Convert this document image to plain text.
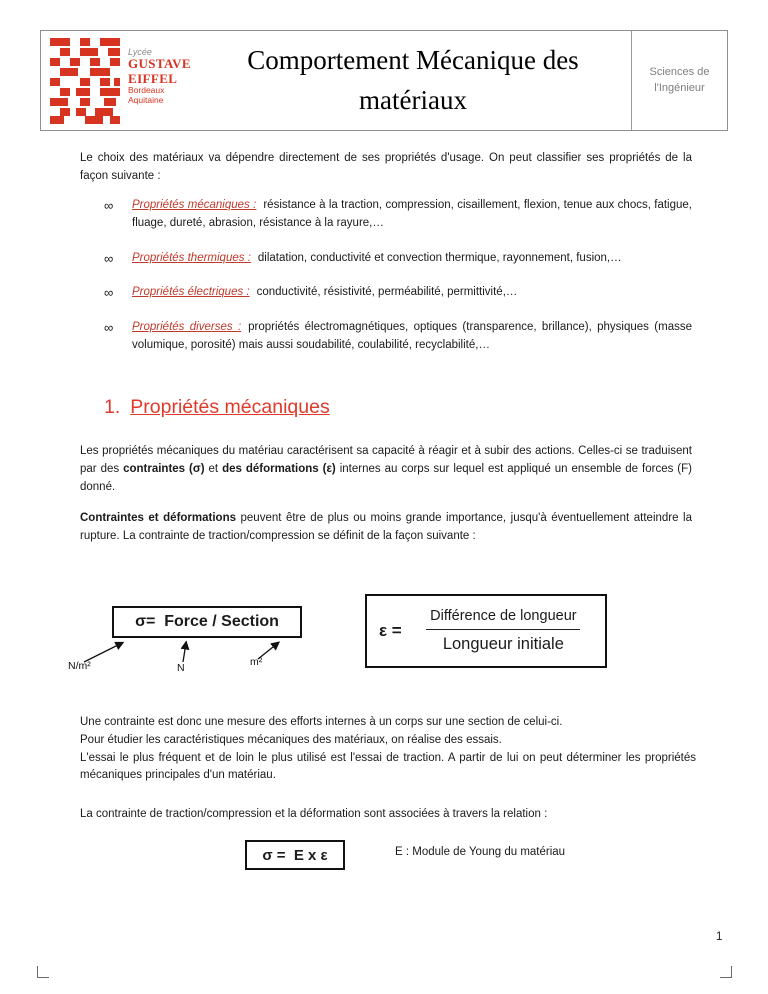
Lycée
GUSTAVE
EIFFEL
Bordeaux
Aquitaine
Comportement Mécanique des matériaux
Sciences de l'Ingénieur
Le choix des matériaux va dépendre directement de ses propriétés d'usage. On peut classifier ses propriétés de la façon suivante :
∞ Propriétés mécaniques : résistance à la traction, compression, cisaillement, flexion, tenue aux chocs, fatigue, fluage, dureté, abrasion, résistance à la rayure,…
∞ Propriétés thermiques : dilatation, conductivité et convection thermique, rayonnement, fusion,…
∞ Propriétés électriques : conductivité, résistivité, perméabilité, permittivité,…
∞ Propriétés diverses : propriétés électromagnétiques, optiques (transparence, brillance), physiques (masse volumique, porosité) mais aussi soudabilité, coulabilité, recyclabilité,…
1. Propriétés mécaniques
Les propriétés mécaniques du matériau caractérisent sa capacité à réagir et à subir des actions. Celles-ci se traduisent par des contraintes (σ) et des déformations (ε) internes au corps sur lequel est appliqué un ensemble de forces (F) donné.
Contraintes et déformations peuvent être de plus ou moins grande importance, jusqu'à éventuellement atteindre la rupture. La contrainte de traction/compression se définit de la façon suivante :
σ=  Force / Section
N/m²	N	m²
$\varepsilon = \frac{\text{Différence de longueur}}{\text{Longueur initiale}}$
Une contrainte est donc une mesure des efforts internes à un corps sur une section de celui-ci.
Pour étudier les caractéristiques mécaniques des matériaux, on réalise des essais.
L'essai le plus fréquent et de loin le plus utilisé est l'essai de traction. A partir de lui on peut déterminer les propriétés mécaniques principales d'un matériau.
La contrainte de traction/compression et la déformation sont associées à travers la relation :
σ =  E x ε	E : Module de Young du matériau
1
